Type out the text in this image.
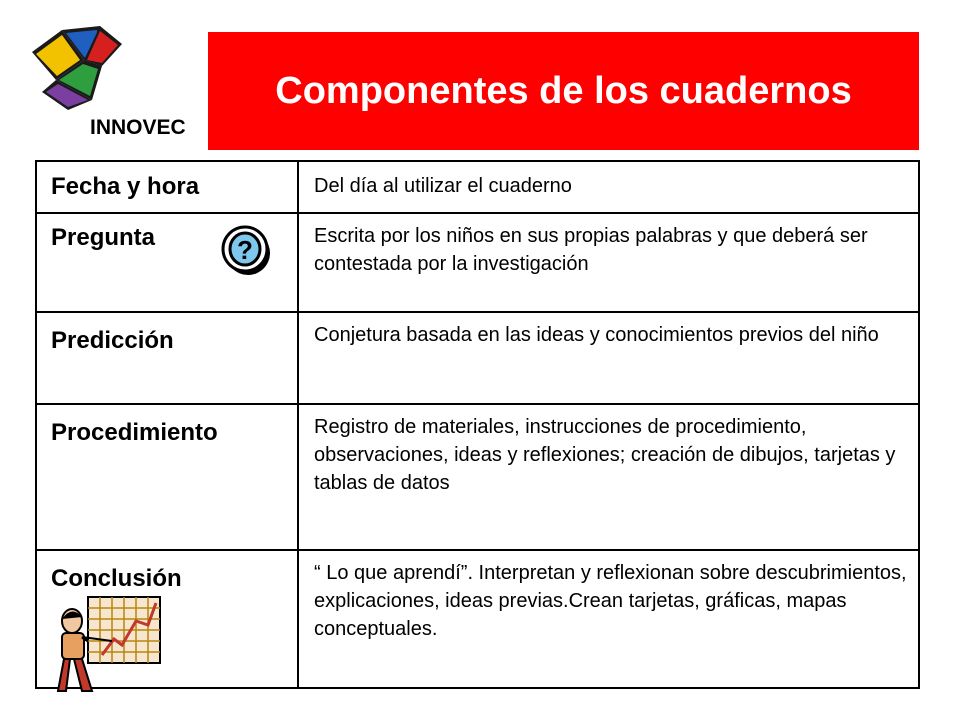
INNOVEC
Componentes de los cuadernos
Fecha y hora	Del día al utilizar el cuaderno

Pregunta ?	Escrita por los niños en sus propias palabras y que deberá ser contestada por la investigación

Predicción	Conjetura basada en las ideas y conocimientos previos del niño

Procedimiento	Registro de materiales, instrucciones de procedimiento, observaciones, ideas y reflexiones; creación de dibujos, tarjetas y tablas de datos

Conclusión	“ Lo que aprendí”. Interpretan y reflexionan sobre descubrimientos, explicaciones, ideas previas.Crean tarjetas, gráficas, mapas conceptuales.
